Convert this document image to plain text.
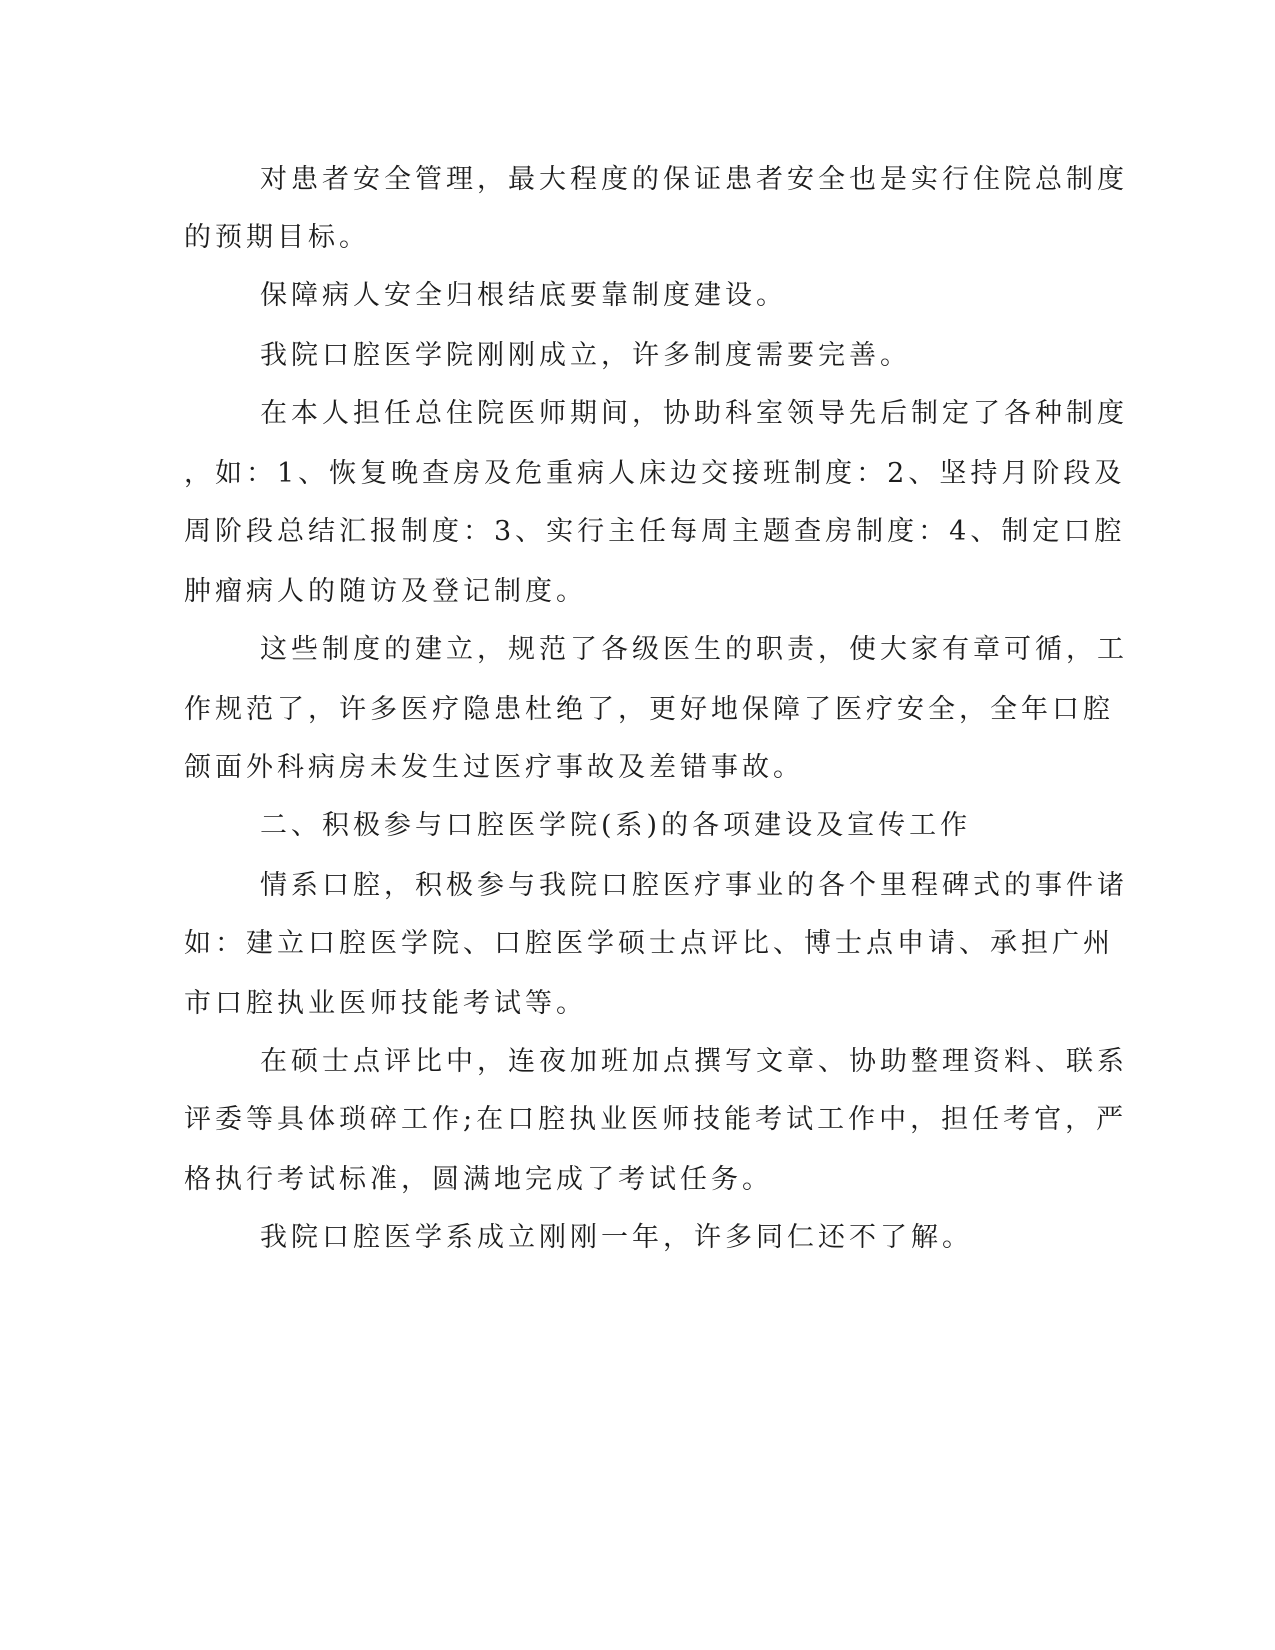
对患者安全管理，最大程度的保证患者安全也是实行住院总制度
的预期目标。
保障病人安全归根结底要靠制度建设。
我院口腔医学院刚刚成立，许多制度需要完善。
在本人担任总住院医师期间，协助科室领导先后制定了各种制度
，如：1、恢复晚查房及危重病人床边交接班制度：2、坚持月阶段及
周阶段总结汇报制度：3、实行主任每周主题查房制度：4、制定口腔
肿瘤病人的随访及登记制度。
这些制度的建立，规范了各级医生的职责，使大家有章可循，工
作规范了，许多医疗隐患杜绝了，更好地保障了医疗安全，全年口腔
颌面外科病房未发生过医疗事故及差错事故。
二、积极参与口腔医学院(系)的各项建设及宣传工作
情系口腔，积极参与我院口腔医疗事业的各个里程碑式的事件诸
如：建立口腔医学院、口腔医学硕士点评比、博士点申请、承担广州
市口腔执业医师技能考试等。
在硕士点评比中，连夜加班加点撰写文章、协助整理资料、联系
评委等具体琐碎工作;在口腔执业医师技能考试工作中，担任考官，严
格执行考试标准，圆满地完成了考试任务。
我院口腔医学系成立刚刚一年，许多同仁还不了解。
